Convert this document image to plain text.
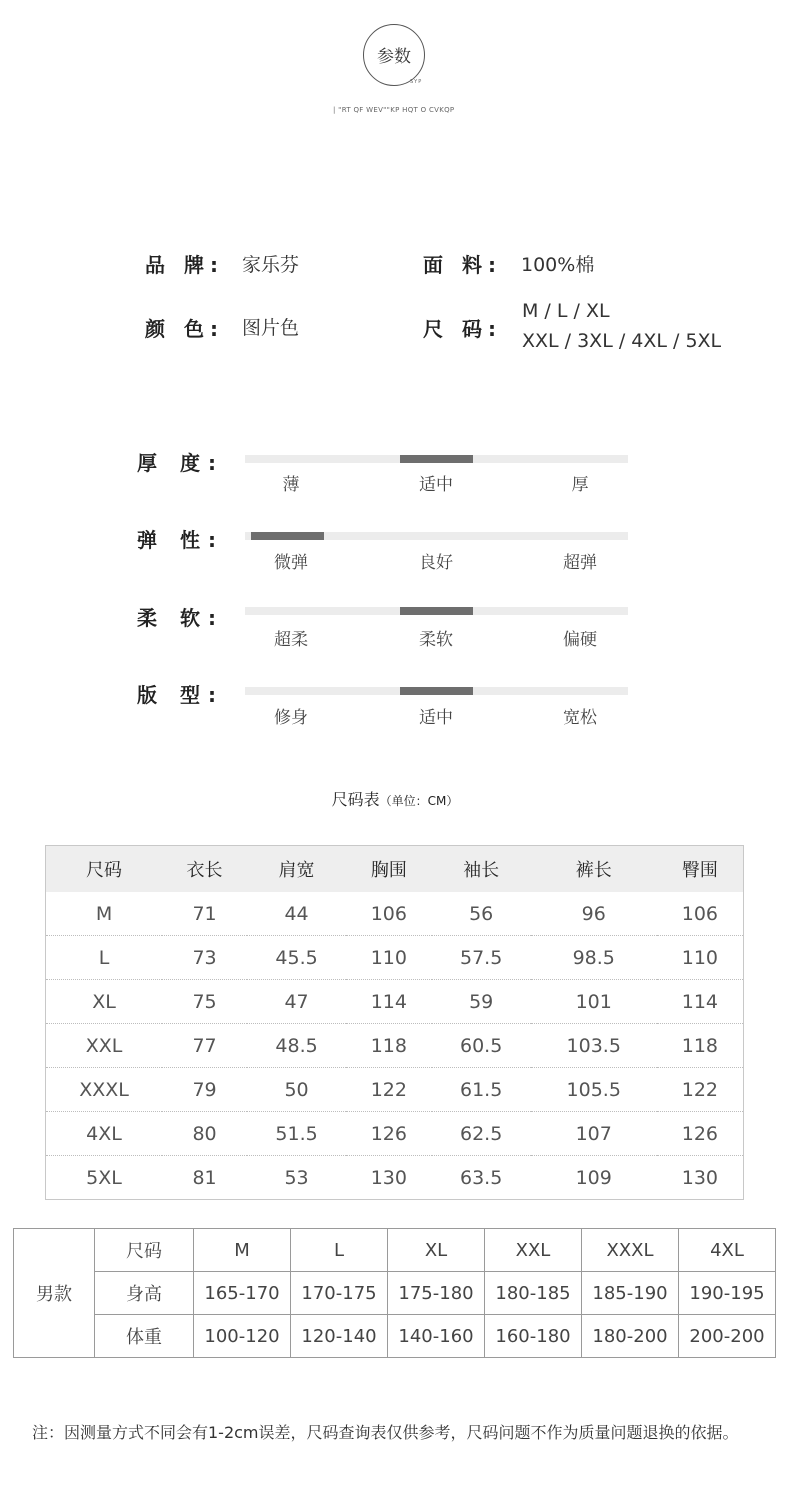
参数
SYP
| "RT QF WEV""KP HQT O CVKQP
品 牌: 家乐芬	面 料: 100%棉
颜 色: 图片色	尺 码:
M / L / XL
XXL / 3XL / 4XL / 5XL
厚 度:
薄	适中	厚
弹 性:
微弹	良好	超弹
柔 软:
超柔	柔软	偏硬
版 型:
修身	适中	宽松
尺码表（单位：CM）
尺码	衣长	肩宽	胸围	袖长	裤长	臀围
M	71	44	106	56	96	106
L	73	45.5	110	57.5	98.5	110
XL	75	47	114	59	101	114
XXL	77	48.5	118	60.5	103.5	118
XXXL	79	50	122	61.5	105.5	122
4XL	80	51.5	126	62.5	107	126
5XL	81	53	130	63.5	109	130
男款	尺码	M	L	XL	XXL	XXXL	4XL
	身高	165-170	170-175	175-180	180-185	185-190	190-195
	体重	100-120	120-140	140-160	160-180	180-200	200-200
注：因测量方式不同会有1-2cm误差，尺码查询表仅供参考，尺码问题不作为质量问题退换的依据。
